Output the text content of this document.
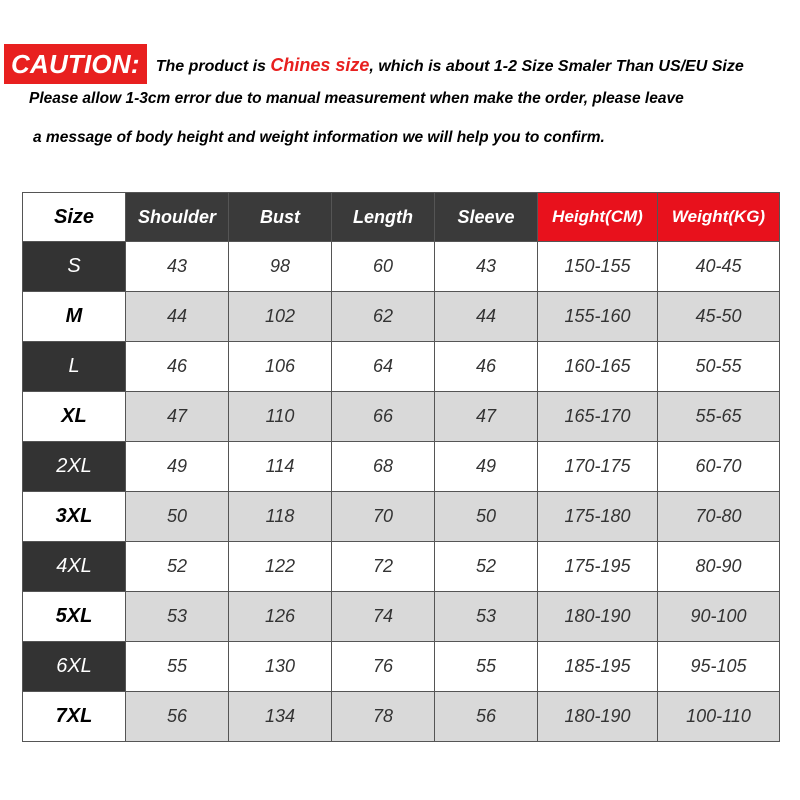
CAUTION:	The product is Chines size, which is about 1-2 Size Smaler Than US/EU Size
Please allow 1-3cm error due to manual measurement when make the order, please leave
a message of body height and weight information we will help you to confirm.
Size	Shoulder	Bust	Length	Sleeve	Height(CM)	Weight(KG)
S	43	98	60	43	150-155	40-45
M	44	102	62	44	155-160	45-50
L	46	106	64	46	160-165	50-55
XL	47	110	66	47	165-170	55-65
2XL	49	114	68	49	170-175	60-70
3XL	50	118	70	50	175-180	70-80
4XL	52	122	72	52	175-195	80-90
5XL	53	126	74	53	180-190	90-100
6XL	55	130	76	55	185-195	95-105
7XL	56	134	78	56	180-190	100-110
